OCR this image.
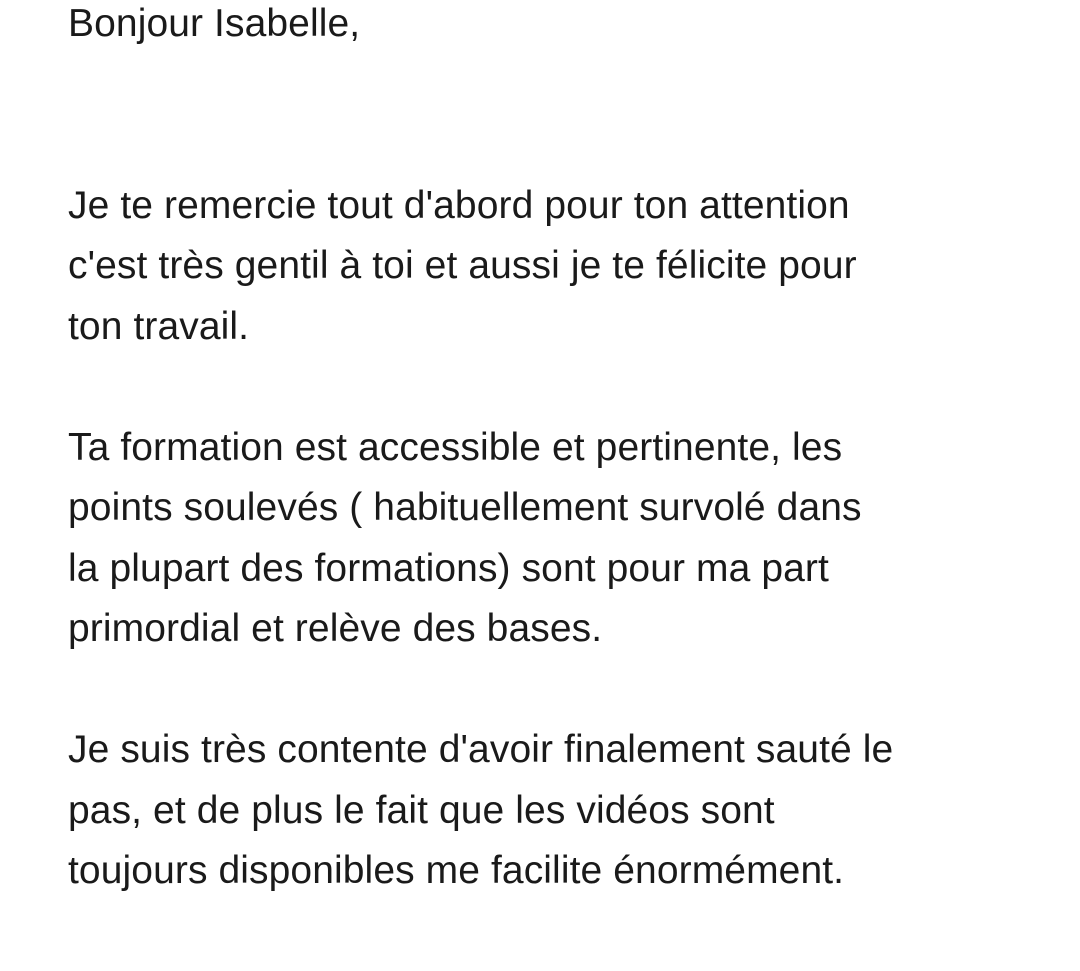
Bonjour Isabelle,
Je te remercie tout d'abord pour ton attention
c'est très gentil à toi et aussi je te félicite pour
ton travail.
Ta formation est accessible et pertinente, les
points soulevés ( habituellement survolé dans
la plupart des formations) sont pour ma part
primordial et relève des bases.
Je suis très contente d'avoir finalement sauté le
pas, et de plus le fait que les vidéos sont
toujours disponibles me facilite énormément.
